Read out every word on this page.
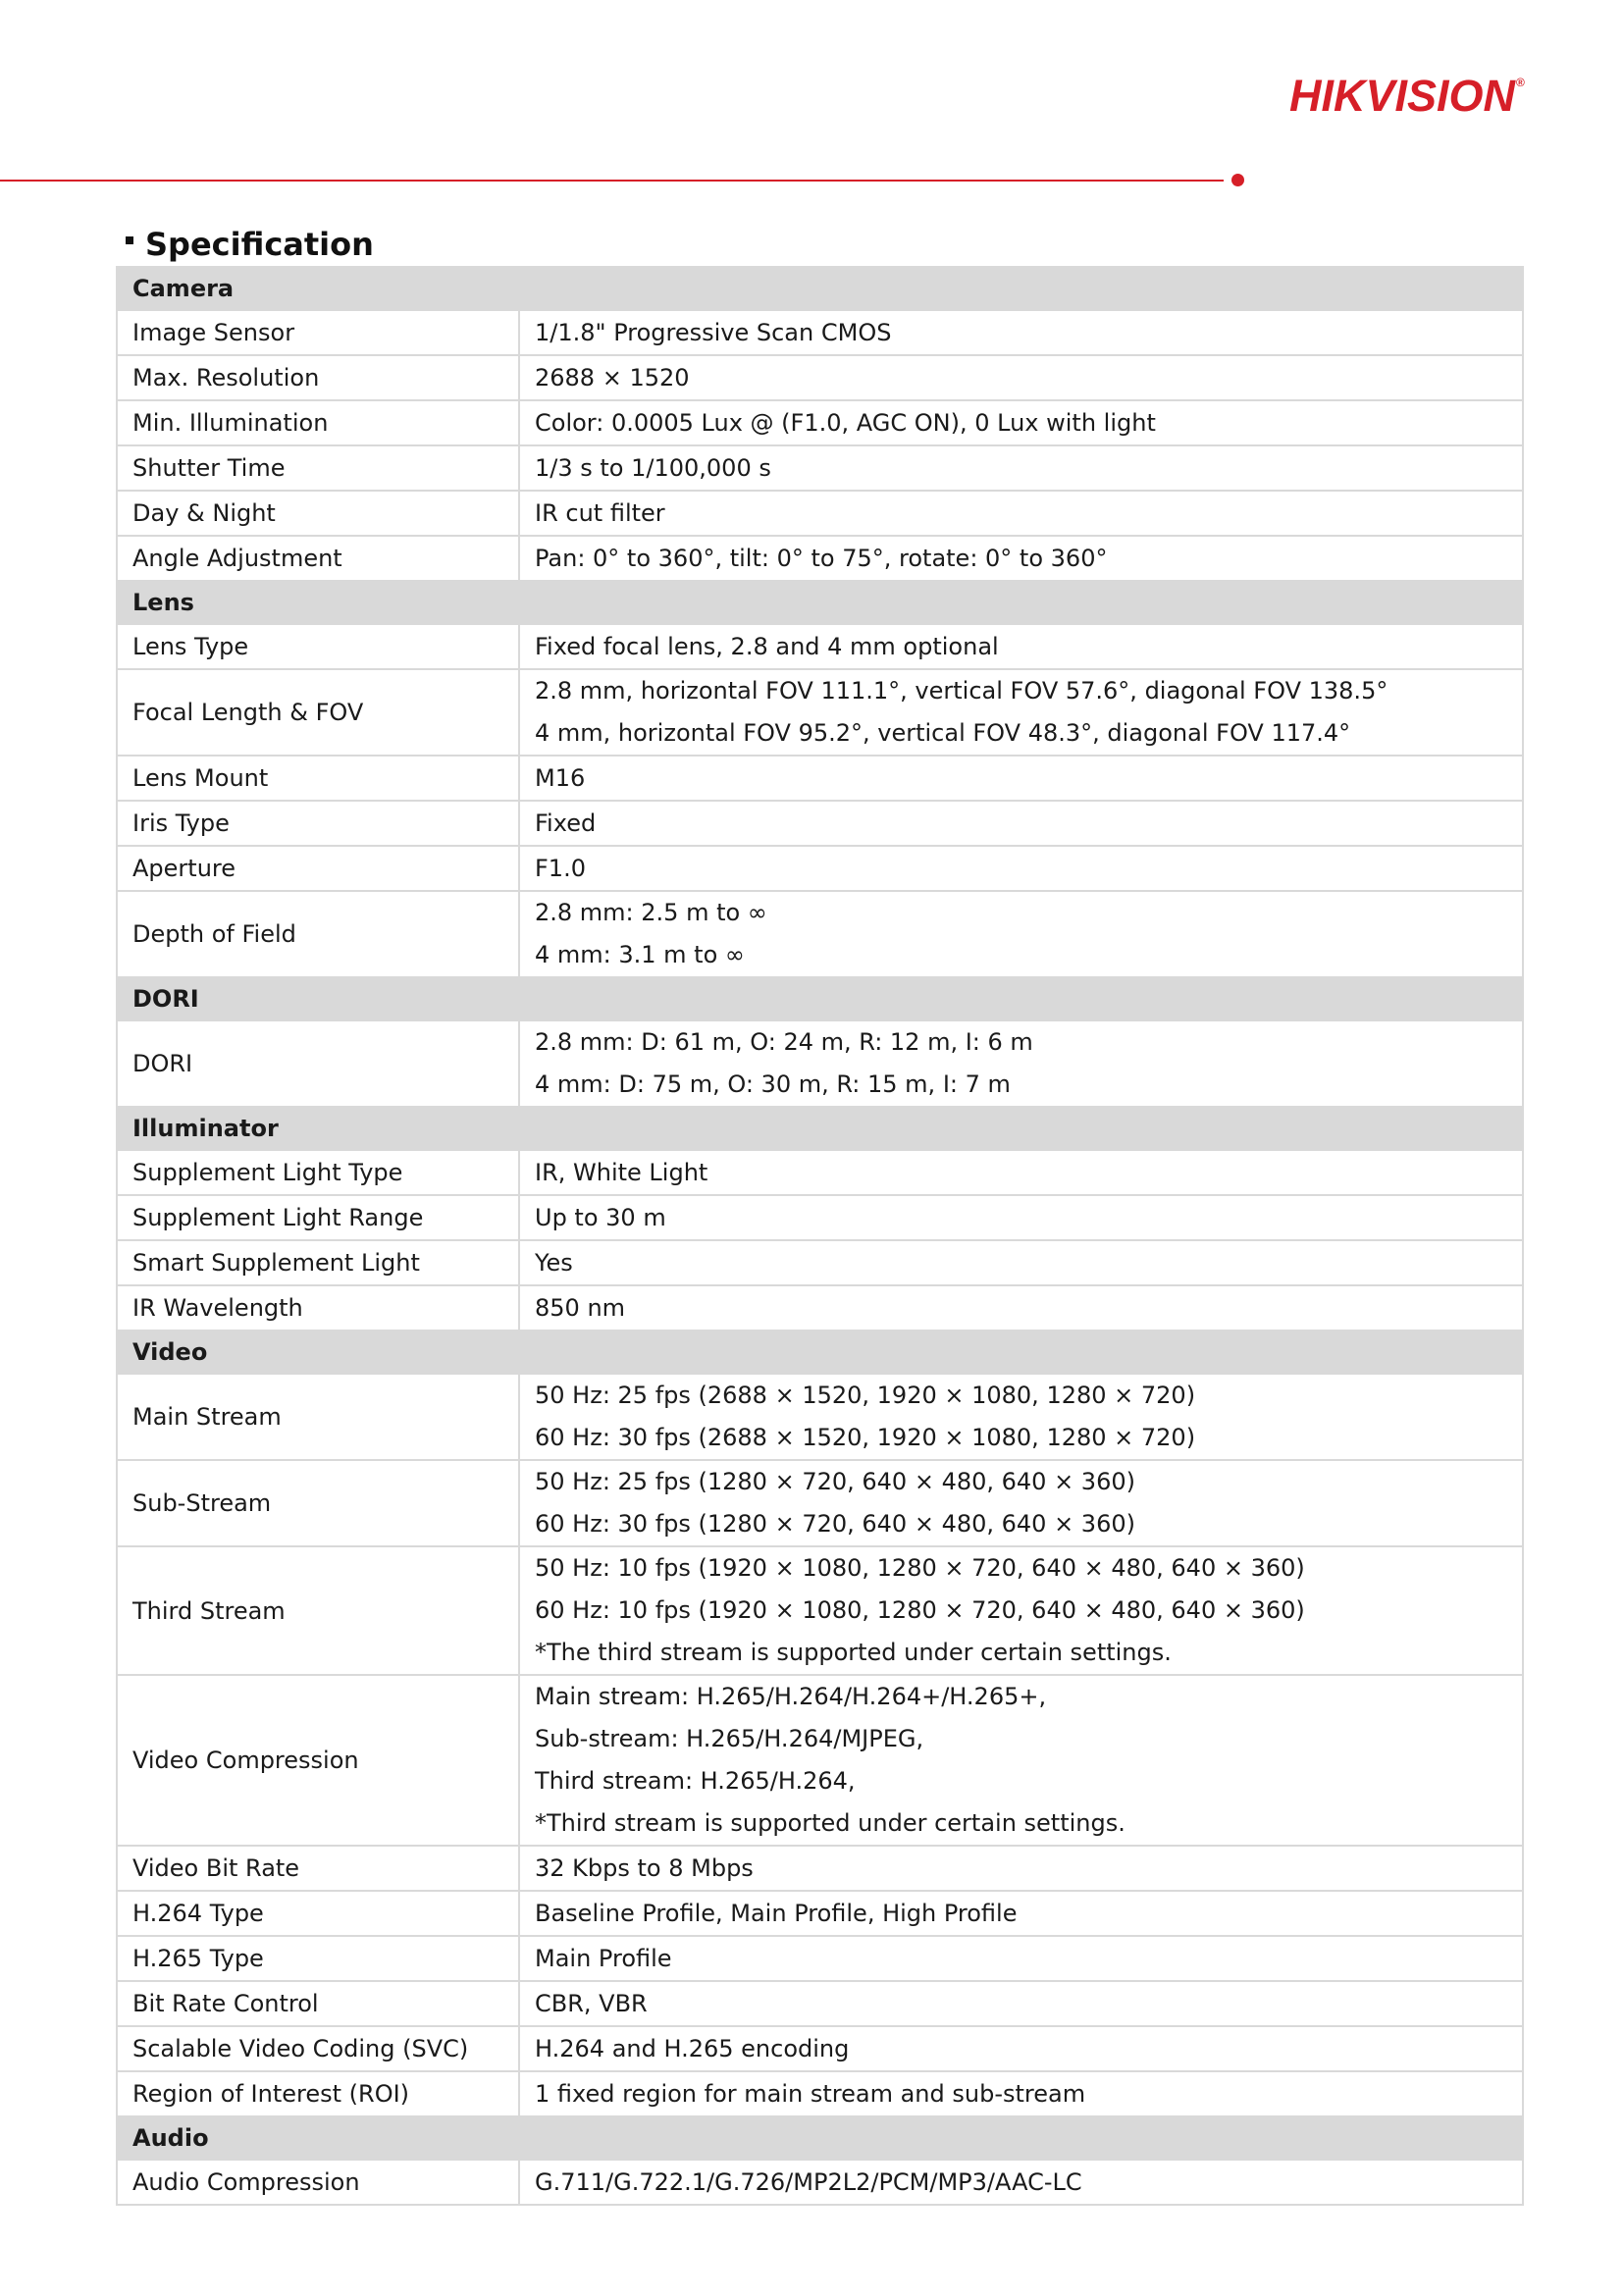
HIKVISION®
Specification
Camera	
Image Sensor	1/1.8" Progressive Scan CMOS

Max. Resolution	2688 × 1520

Min. Illumination	Color: 0.0005 Lux @ (F1.0, AGC ON), 0 Lux with light

Shutter Time	1/3 s to 1/100,000 s

Day & Night	IR cut filter

Angle Adjustment	Pan: 0° to 360°, tilt: 0° to 75°, rotate: 0° to 360°

Lens	
Lens Type	Fixed focal lens, 2.8 and 4 mm optional

Focal Length & FOV	2.8 mm, horizontal FOV 111.1°, vertical FOV 57.6°, diagonal FOV 138.5°
4 mm, horizontal FOV 95.2°, vertical FOV 48.3°, diagonal FOV 117.4°

Lens Mount	M16

Iris Type	Fixed

Aperture	F1.0

Depth of Field	2.8 mm: 2.5 m to ∞
4 mm: 3.1 m to ∞

DORI	
DORI	2.8 mm: D: 61 m, O: 24 m, R: 12 m, I: 6 m
4 mm: D: 75 m, O: 30 m, R: 15 m, I: 7 m

Illuminator	
Supplement Light Type	IR, White Light

Supplement Light Range	Up to 30 m

Smart Supplement Light	Yes

IR Wavelength	850 nm

Video	
Main Stream	50 Hz: 25 fps (2688 × 1520, 1920 × 1080, 1280 × 720)
60 Hz: 30 fps (2688 × 1520, 1920 × 1080, 1280 × 720)

Sub-Stream	50 Hz: 25 fps (1280 × 720, 640 × 480, 640 × 360)
60 Hz: 30 fps (1280 × 720, 640 × 480, 640 × 360)

Third Stream	50 Hz: 10 fps (1920 × 1080, 1280 × 720, 640 × 480, 640 × 360)
60 Hz: 10 fps (1920 × 1080, 1280 × 720, 640 × 480, 640 × 360)
*The third stream is supported under certain settings.

Video Compression	Main stream: H.265/H.264/H.264+/H.265+,
Sub-stream: H.265/H.264/MJPEG,
Third stream: H.265/H.264,
*Third stream is supported under certain settings.

Video Bit Rate	32 Kbps to 8 Mbps

H.264 Type	Baseline Profile, Main Profile, High Profile

H.265 Type	Main Profile

Bit Rate Control	CBR, VBR

Scalable Video Coding (SVC)	H.264 and H.265 encoding

Region of Interest (ROI)	1 fixed region for main stream and sub-stream

Audio	
Audio Compression	G.711/G.722.1/G.726/MP2L2/PCM/MP3/AAC-LC
